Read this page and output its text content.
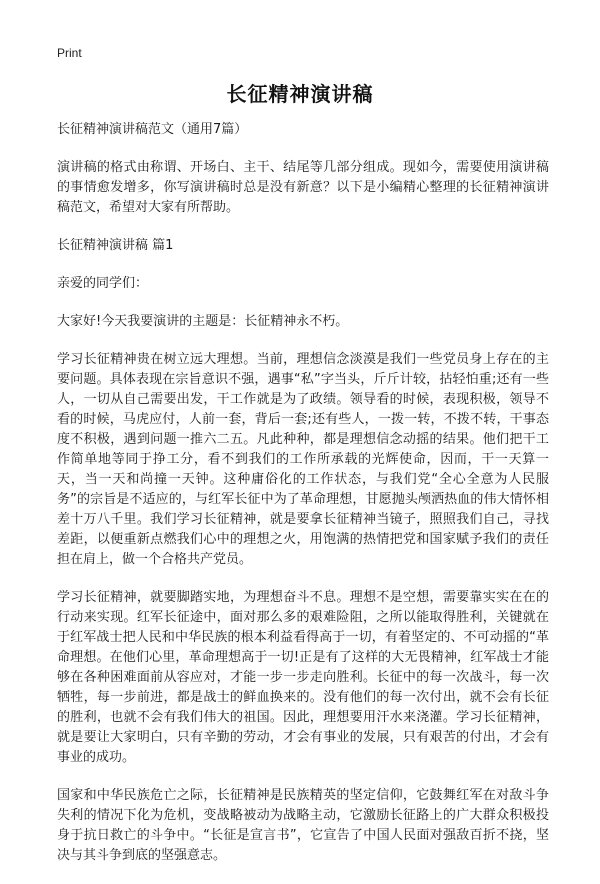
Print
长征精神演讲稿

长征精神演讲稿范文（通用7篇）

演讲稿的格式由称谓、开场白、主干、结尾等几部分组成。现如今，需要使用演讲稿的事情愈发增多，你写演讲稿时总是没有新意？以下是小编精心整理的长征精神演讲稿范文，希望对大家有所帮助。

长征精神演讲稿 篇1

亲爱的同学们：

大家好!今天我要演讲的主题是：长征精神永不朽。

学习长征精神贵在树立远大理想。当前，理想信念淡漠是我们一些党员身上存在的主要问题。具体表现在宗旨意识不强，遇事“私”字当头，斤斤计较，拈轻怕重;还有一些人，一切从自己需要出发，干工作就是为了政绩。领导看的时候，表现积极，领导不看的时候，马虎应付，人前一套，背后一套;还有些人，一拨一转，不拨不转，干事态度不积极，遇到问题一推六二五。凡此种种，都是理想信念动摇的结果。他们把干工作简单地等同于挣工分，看不到我们的工作所承载的光辉使命，因而，干一天算一天，当一天和尚撞一天钟。这种庸俗化的工作状态，与我们党“全心全意为人民服务”的宗旨是不适应的，与红军长征中为了革命理想，甘愿抛头颅洒热血的伟大情怀相差十万八千里。我们学习长征精神，就是要拿长征精神当镜子，照照我们自己，寻找差距，以便重新点燃我们心中的理想之火，用饱满的热情把党和国家赋予我们的责任担在肩上，做一个合格共产党员。

学习长征精神，就要脚踏实地，为理想奋斗不息。理想不是空想，需要靠实实在在的行动来实现。红军长征途中，面对那么多的艰难险阻，之所以能取得胜利，关键就在于红军战士把人民和中华民族的根本利益看得高于一切，有着坚定的、不可动摇的“革命理想。在他们心里，革命理想高于一切!正是有了这样的大无畏精神，红军战士才能够在各种困难面前从容应对，才能一步一步走向胜利。长征中的每一次战斗，每一次牺牲，每一步前进，都是战士的鲜血换来的。没有他们的每一次付出，就不会有长征的胜利，也就不会有我们伟大的祖国。因此，理想要用汗水来浇灌。学习长征精神，就是要让大家明白，只有辛勤的劳动，才会有事业的发展，只有艰苦的付出，才会有事业的成功。

国家和中华民族危亡之际，长征精神是民族精英的坚定信仰，它鼓舞红军在对敌斗争失利的情况下化为危机，变战略被动为战略主动，它激励长征路上的广大群众积极投身于抗日救亡的斗争中。“长征是宣言书”，它宣告了中国人民面对强敌百折不挠，坚决与其斗争到底的坚强意志。
